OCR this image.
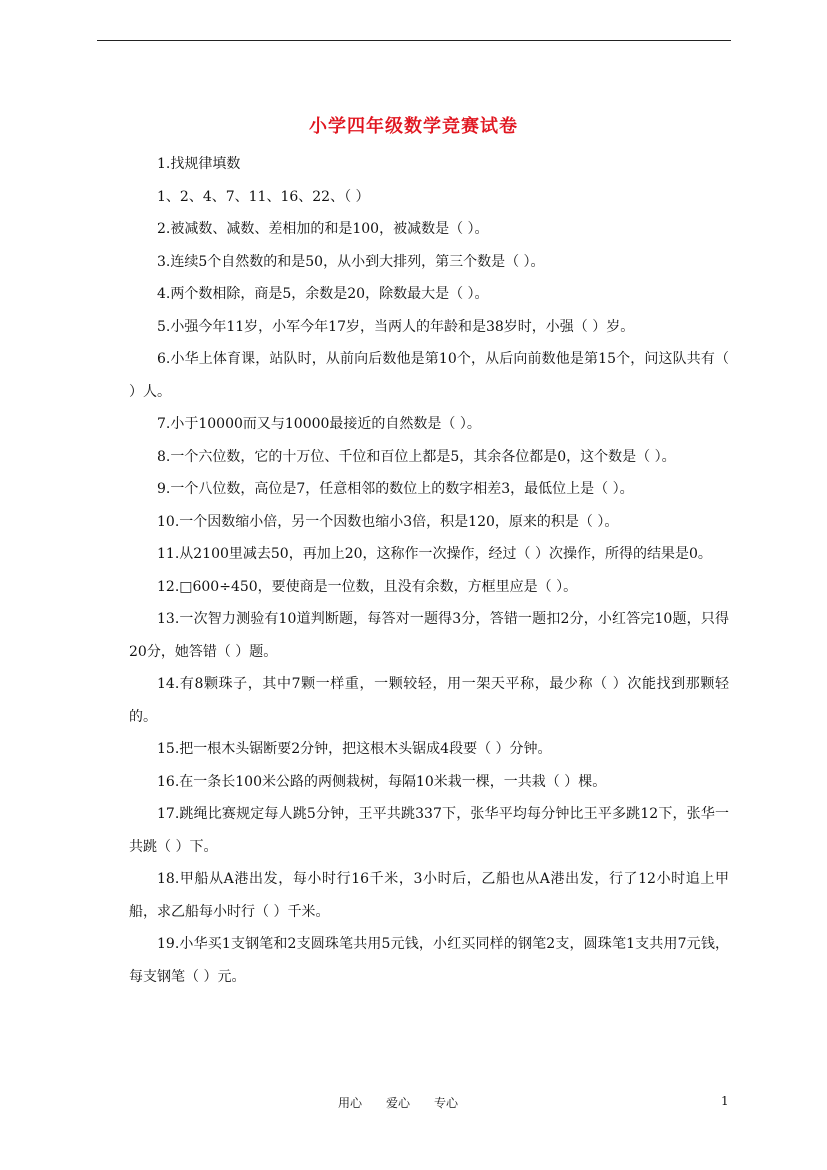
小学四年级数学竞赛试卷

1.找规律填数

1、2、4、7、11、16、22、（ ）

2.被减数、减数、差相加的和是100，被减数是（ ）。

3.连续5个自然数的和是50，从小到大排列，第三个数是（ ）。

4.两个数相除，商是5，余数是20，除数最大是（ ）。

5.小强今年11岁，小军今年17岁，当两人的年龄和是38岁时，小强（ ）岁。

6.小华上体育课，站队时，从前向后数他是第10个，从后向前数他是第15个，问这队共有（ ）人。

7.小于10000而又与10000最接近的自然数是（ ）。

8.一个六位数，它的十万位、千位和百位上都是5，其余各位都是0，这个数是（ ）。

9.一个八位数，高位是7，任意相邻的数位上的数字相差3，最低位上是（ ）。

10.一个因数缩小倍，另一个因数也缩小3倍，积是120，原来的积是（ ）。

11.从2100里减去50，再加上20，这称作一次操作，经过（ ）次操作，所得的结果是0。

12.□600÷450，要使商是一位数，且没有余数，方框里应是（ ）。

13.一次智力测验有10道判断题，每答对一题得3分，答错一题扣2分，小红答完10题，只得20分，她答错（ ）题。

14.有8颗珠子，其中7颗一样重，一颗较轻，用一架天平称，最少称（ ）次能找到那颗轻的。

15.把一根木头锯断要2分钟，把这根木头锯成4段要（ ）分钟。

16.在一条长100米公路的两侧栽树，每隔10米栽一棵，一共栽（ ）棵。

17.跳绳比赛规定每人跳5分钟，王平共跳337下，张华平均每分钟比王平多跳12下，张华一共跳（ ）下。

18.甲船从A港出发，每小时行16千米，3小时后，乙船也从A港出发，行了12小时追上甲船，求乙船每小时行（ ）千米。

19.小华买1支钢笔和2支圆珠笔共用5元钱，小红买同样的钢笔2支，圆珠笔1支共用7元钱，每支钢笔（ ）元。

用心　　爱心　　专心	1
